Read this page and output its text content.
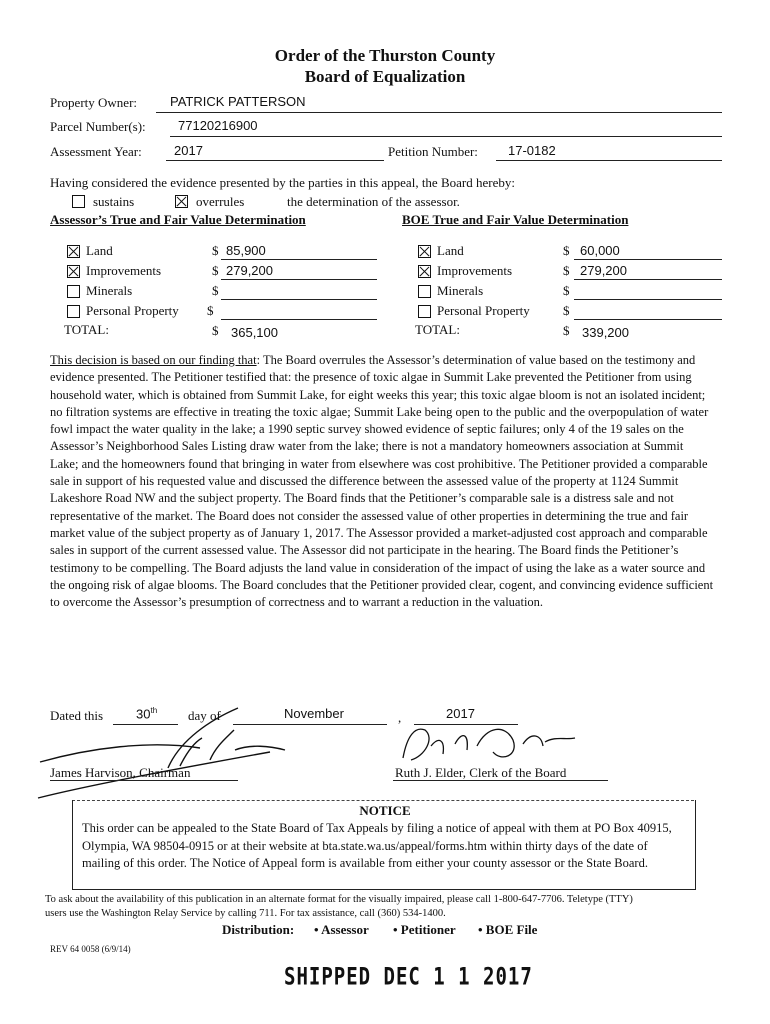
Order of the Thurston County
Board of Equalization
Property Owner:	PATRICK PATTERSON
Parcel Number(s): 77120216900
Assessment Year: 2017	Petition Number: 17-0182
Having considered the evidence presented by the parties in this appeal, the Board hereby:
sustains	overrules	the determination of the assessor.
Assessor’s True and Fair Value Determination	BOE True and Fair Value Determination
Land	$ 85,900
Improvements	$ 279,200
Minerals	$
Personal Property $
TOTAL:	$ 365,100
Land	$ 60,000
Improvements	$ 279,200
Minerals	$
Personal Property	$
TOTAL:	$ 339,200
This decision is based on our finding that: The Board overrules the Assessor’s determination of value based on the testimony and evidence presented. The Petitioner testified that: the presence of toxic algae in Summit Lake prevented the Petitioner from using household water, which is obtained from Summit Lake, for eight weeks this year; this toxic algae bloom is not an isolated incident; no filtration systems are effective in treating the toxic algae; Summit Lake being open to the public and the overpopulation of water fowl impact the water quality in the lake; a 1990 septic survey showed evidence of septic failures; only 4 of the 19 sales on the Assessor’s Neighborhood Sales Listing draw water from the lake; there is not a mandatory homeowners association at Summit Lake; and the homeowners found that bringing in water from elsewhere was cost prohibitive. The Petitioner provided a comparable sale in support of his requested value and discussed the difference between the assessed value of the property at 1124 Summit Lakeshore Road NW and the subject property. The Board finds that the Petitioner’s comparable sale is a distress sale and not representative of the market. The Board does not consider the assessed value of other properties in determining the true and fair market value of the subject property as of January 1, 2017. The Assessor provided a market-adjusted cost approach and comparable sales in support of the current assessed value. The Assessor did not participate in the hearing. The Board finds the Petitioner’s testimony to be compelling. The Board adjusts the land value in consideration of the impact of using the lake as a water source and the ongoing risk of algae blooms. The Board concludes that the Petitioner provided clear, cogent, and convincing evidence sufficient to overcome the Assessor’s presumption of correctness and to warrant a reduction in the valuation.
Dated this	30th day of	November	,	2017
James Harvison, Chairman	Ruth J. Elder, Clerk of the Board
NOTICE
This order can be appealed to the State Board of Tax Appeals by filing a notice of appeal with them at PO Box 40915, Olympia, WA 98504-0915 or at their website at bta.state.wa.us/appeal/forms.htm within thirty days of the date of mailing of this order. The Notice of Appeal form is available from either your county assessor or the State Board.
To ask about the availability of this publication in an alternate format for the visually impaired, please call 1-800-647-7706. Teletype (TTY) users use the Washington Relay Service by calling 711. For tax assistance, call (360) 534-1400.
Distribution: • Assessor • Petitioner • BOE File
REV 64 0058 (6/9/14)
SHIPPED DEC 1 1 2017
